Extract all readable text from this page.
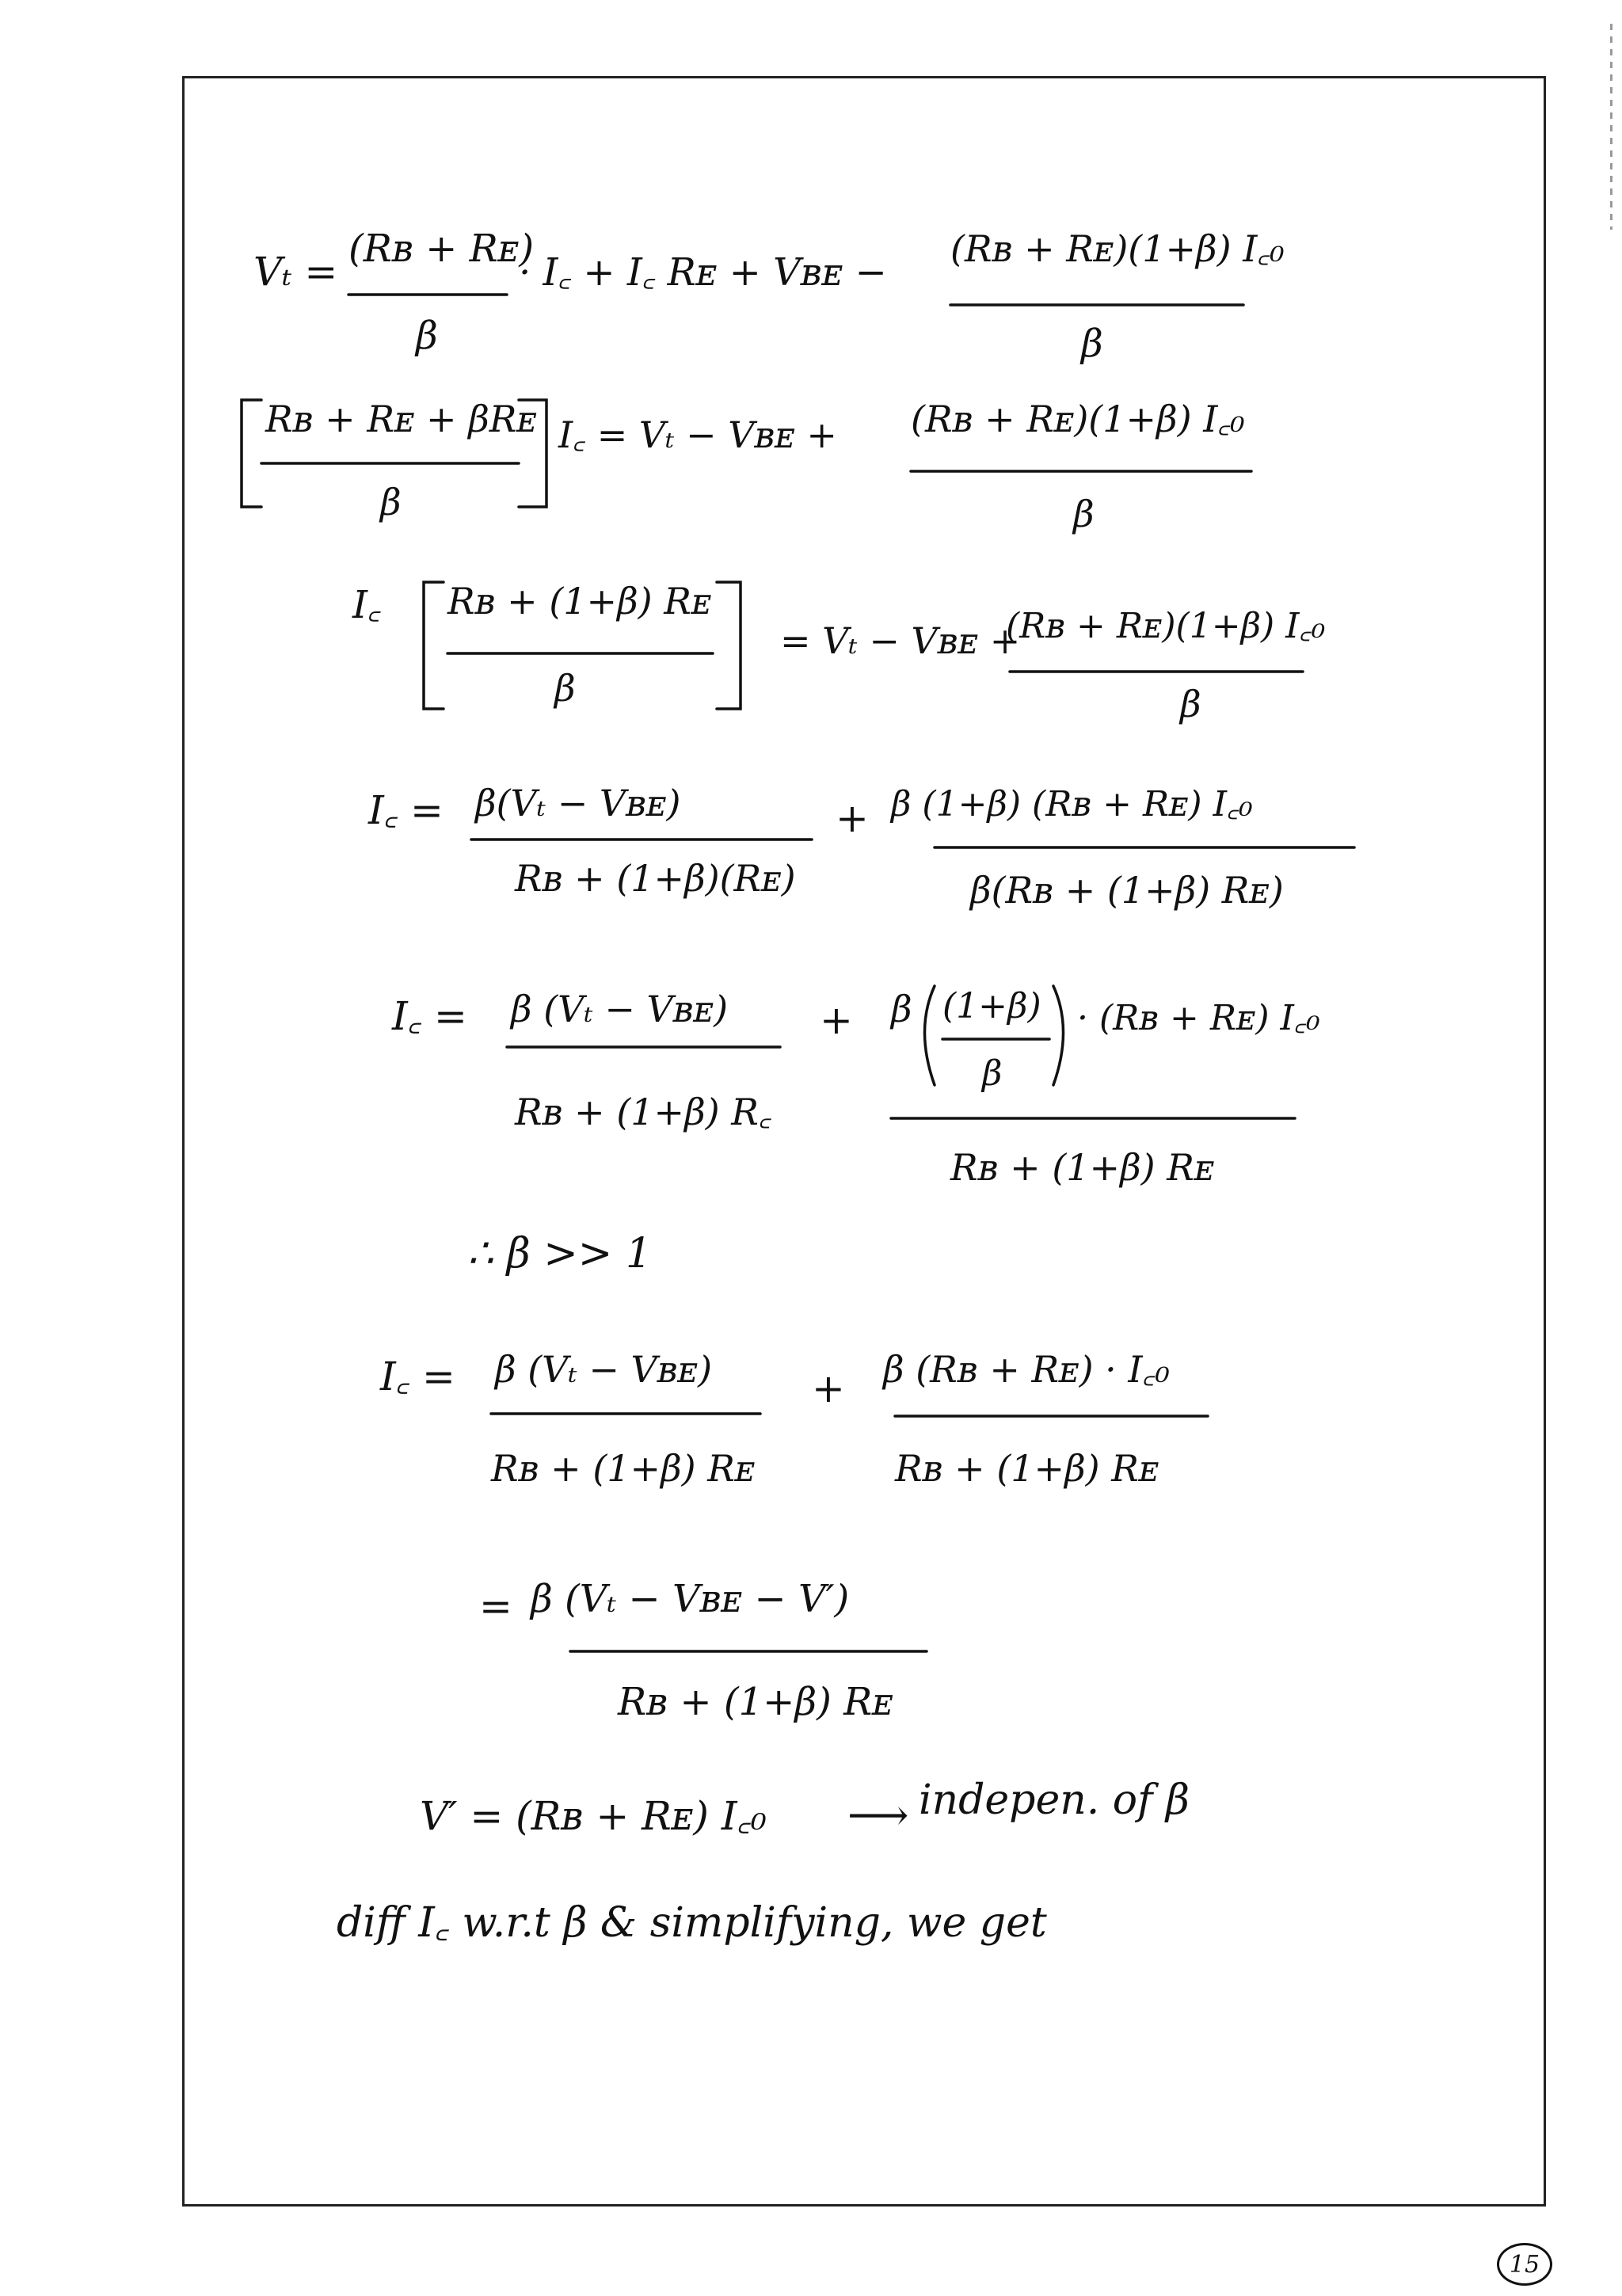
Vₜ = (Rʙ + Rᴇ)
β
· I꜀ + I꜀ Rᴇ + Vʙᴇ −
(Rʙ + Rᴇ)(1+β) I꜀₀
β
Rʙ + Rᴇ + βRᴇ
β
I꜀ = Vₜ − Vʙᴇ + (Rʙ + Rᴇ)(1+β) I꜀₀
β
I꜀ Rʙ + (1+β) Rᴇ
β
= Vₜ − Vʙᴇ +
(Rʙ + Rᴇ)(1+β) I꜀₀
β
I꜀ = β(Vₜ − Vʙᴇ)
Rʙ + (1+β)(Rᴇ)
+ β (1+β) (Rʙ + Rᴇ) I꜀₀
β(Rʙ + (1+β) Rᴇ)
I꜀ = β (Vₜ − Vʙᴇ)
Rʙ + (1+β) R꜀
+ β (1+β)
β
· (Rʙ + Rᴇ) I꜀₀
Rʙ + (1+β) Rᴇ
∴ β >> 1
I꜀ = β (Vₜ − Vʙᴇ)
Rʙ + (1+β) Rᴇ
+ β (Rʙ + Rᴇ) · I꜀₀
Rʙ + (1+β) Rᴇ
= β (Vₜ − Vʙᴇ − V′)
Rʙ + (1+β) Rᴇ
V′ = (Rʙ + Rᴇ) I꜀₀ ⟶ indepen. of β
diff I꜀ w.r.t β & simplifying, we get
15
